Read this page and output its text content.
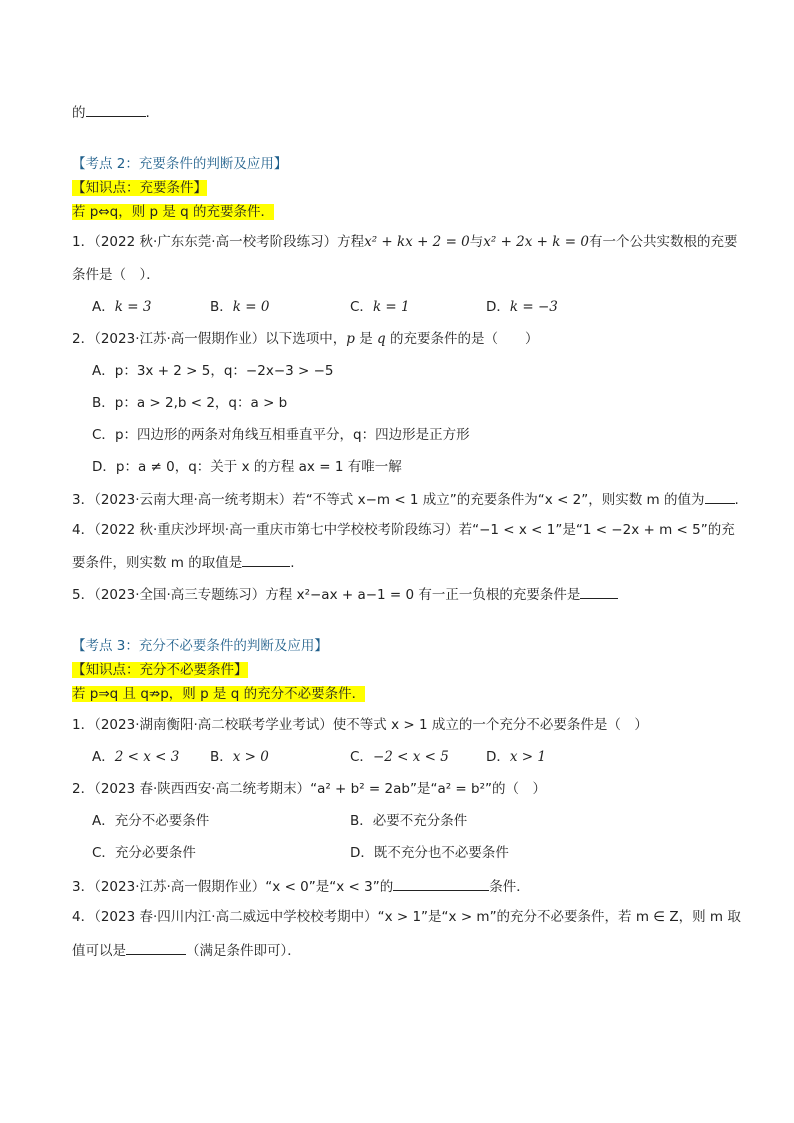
的	.
【考点 2：充要条件的判断及应用】
【知识点：充要条件】
若 p⇔q，则 p 是 q 的充要条件．
1．（2022 秋·广东东莞·高一校考阶段练习）方程x² + kx + 2 = 0与x² + 2x + k = 0有一个公共实数根的充要
条件是（　）．
A．k = 3	B．k = 0	C．k = 1	D．k = −3
2．（2023·江苏·高一假期作业）以下选项中，p 是 q 的充要条件的是（　　）
A．p：3x + 2 > 5，q：−2x−3 > −5
B．p：a > 2,b < 2，q：a > b
C．p：四边形的两条对角线互相垂直平分，q：四边形是正方形
D．p：a ≠ 0，q：关于 x 的方程 ax = 1 有唯一解
3．（2023·云南大理·高一统考期末）若“不等式 x−m < 1 成立”的充要条件为“x < 2”，则实数 m 的值为 .
4．（2022 秋·重庆沙坪坝·高一重庆市第七中学校校考阶段练习）若“−1 < x < 1”是“1 < −2x + m < 5”的充
要条件，则实数 m 的取值是	.
5．（2023·全国·高三专题练习）方程 x²−ax + a−1 = 0 有一正一负根的充要条件是
【考点 3：充分不必要条件的判断及应用】
【知识点：充分不必要条件】
若 p⇒q 且 q⇏p，则 p 是 q 的充分不必要条件．
1．（2023·湖南衡阳·高二校联考学业考试）使不等式 x > 1 成立的一个充分不必要条件是（　）
A．2 < x < 3 B．x > 0	C．−2 < x < 5	D．x > 1
2．（2023 春·陕西西安·高二统考期末）“a² + b² = 2ab”是“a² = b²”的（　）
A．充分不必要条件	B．必要不充分条件
C．充分必要条件	D．既不充分也不必要条件
3．（2023·江苏·高一假期作业）“x < 0”是“x < 3”的	条件．
4．（2023 春·四川内江·高二威远中学校校考期中）“x > 1”是“x > m”的充分不必要条件，若 m ∈ Z，则 m 取
值可以是	（满足条件即可）．
